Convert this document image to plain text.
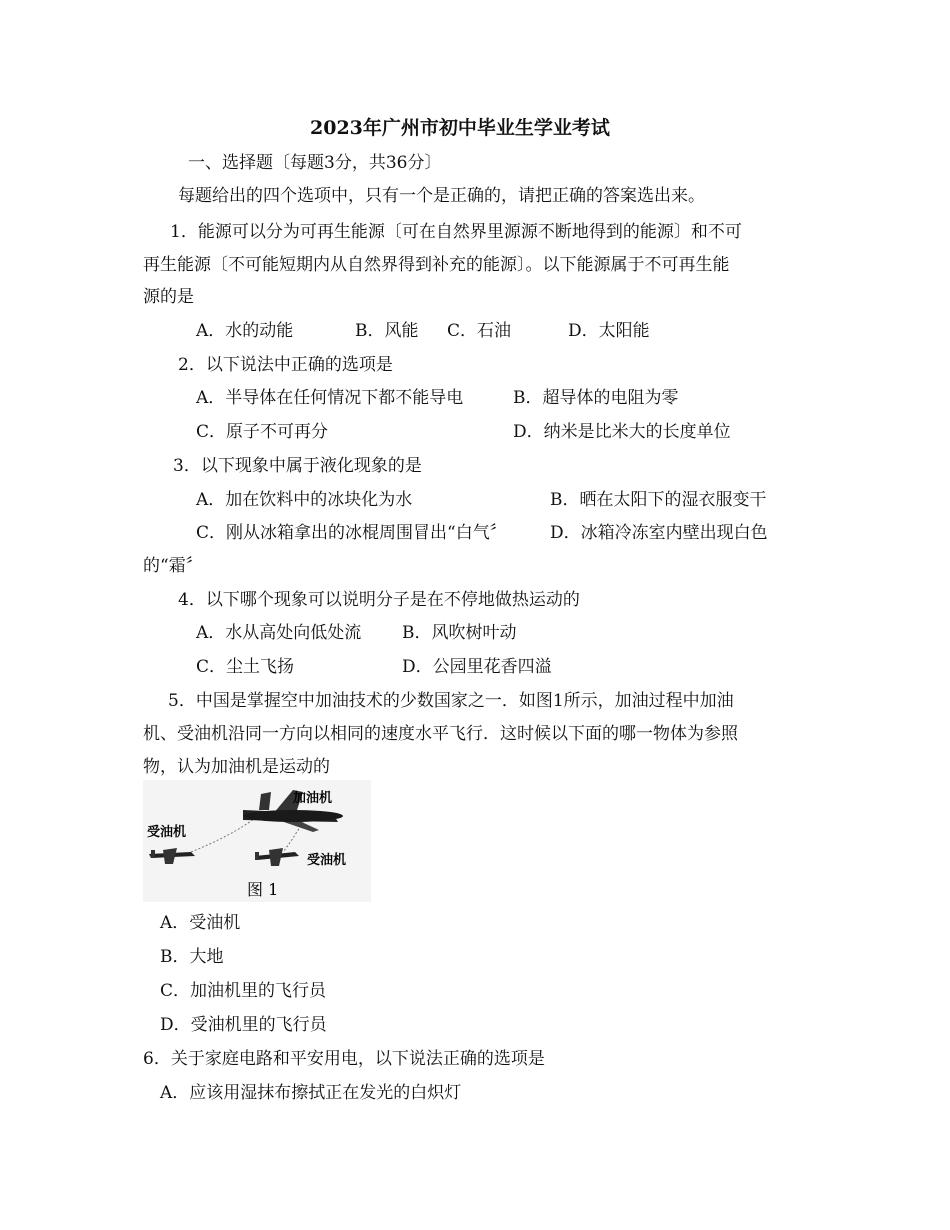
2023年广州市初中毕业生学业考试
一、选择题〔每题3分，共36分〕
每题给出的四个选项中，只有一个是正确的，请把正确的答案选出来。
1．能源可以分为可再生能源〔可在自然界里源源不断地得到的能源〕和不可
再生能源〔不可能短期内从自然界得到补充的能源〕。以下能源属于不可再生能
源的是
A．水的动能	B．风能 C．石油	D．太阳能
2．以下说法中正确的选项是
A．半导体在任何情况下都不能导电	B．超导体的电阻为零
C．原子不可再分	D．纳米是比米大的长度单位
3．以下现象中属于液化现象的是
A．加在饮料中的冰块化为水	B．晒在太阳下的湿衣服变干
C．刚从冰箱拿出的冰棍周围冒出“白气〞	D．冰箱冷冻室内壁出现白色
的“霜〞
4．以下哪个现象可以说明分子是在不停地做热运动的
A．水从高处向低处流 B．风吹树叶动
C．尘土飞扬	D．公园里花香四溢
5．中国是掌握空中加油技术的少数国家之一．如图1所示，加油过程中加油
机、受油机沿同一方向以相同的速度水平飞行．这时候以下面的哪一物体为参照
物，认为加油机是运动的
加油机
受油机
受油机
图 1
A．受油机
B．大地
C．加油机里的飞行员
D．受油机里的飞行员
6．关于家庭电路和平安用电，以下说法正确的选项是
A．应该用湿抹布擦拭正在发光的白炽灯
